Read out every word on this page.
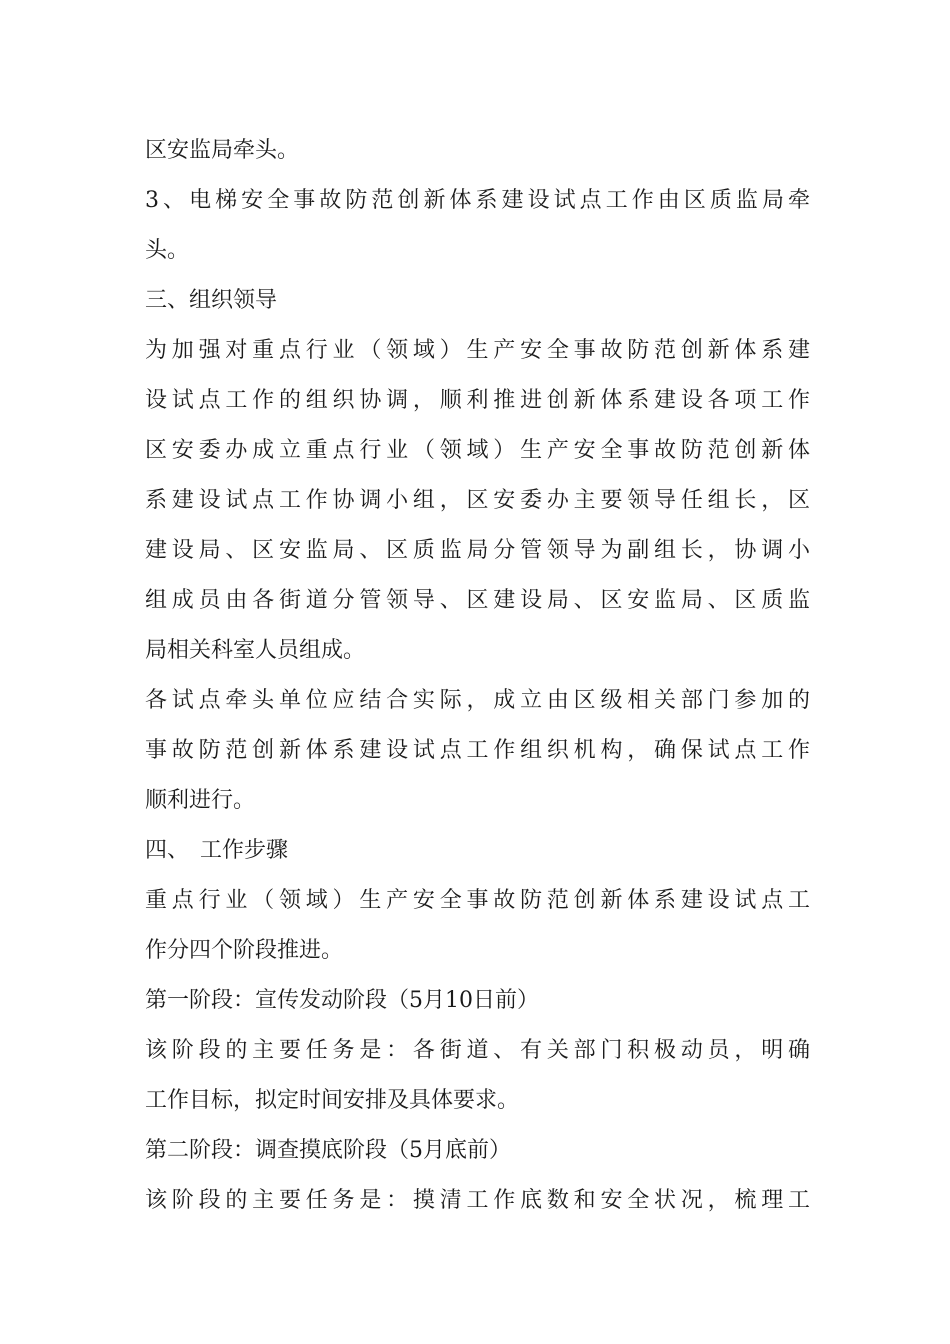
区安监局牵头。
3、电梯安全事故防范创新体系建设试点工作由区质监局牵
头。
三、组织领导
为加强对重点行业（领域）生产安全事故防范创新体系建
设试点工作的组织协调，顺利推进创新体系建设各项工作
区安委办成立重点行业（领域）生产安全事故防范创新体
系建设试点工作协调小组，区安委办主要领导任组长，区
建设局、区安监局、区质监局分管领导为副组长，协调小
组成员由各街道分管领导、区建设局、区安监局、区质监
局相关科室人员组成。
各试点牵头单位应结合实际，成立由区级相关部门参加的
事故防范创新体系建设试点工作组织机构，确保试点工作
顺利进行。
四、　工作步骤
重点行业（领域）生产安全事故防范创新体系建设试点工
作分四个阶段推进。
第一阶段：宣传发动阶段（5月10日前）
该阶段的主要任务是：各街道、有关部门积极动员，明确
工作目标，拟定时间安排及具体要求。
第二阶段：调查摸底阶段（5月底前）
该阶段的主要任务是：摸清工作底数和安全状况，梳理工
